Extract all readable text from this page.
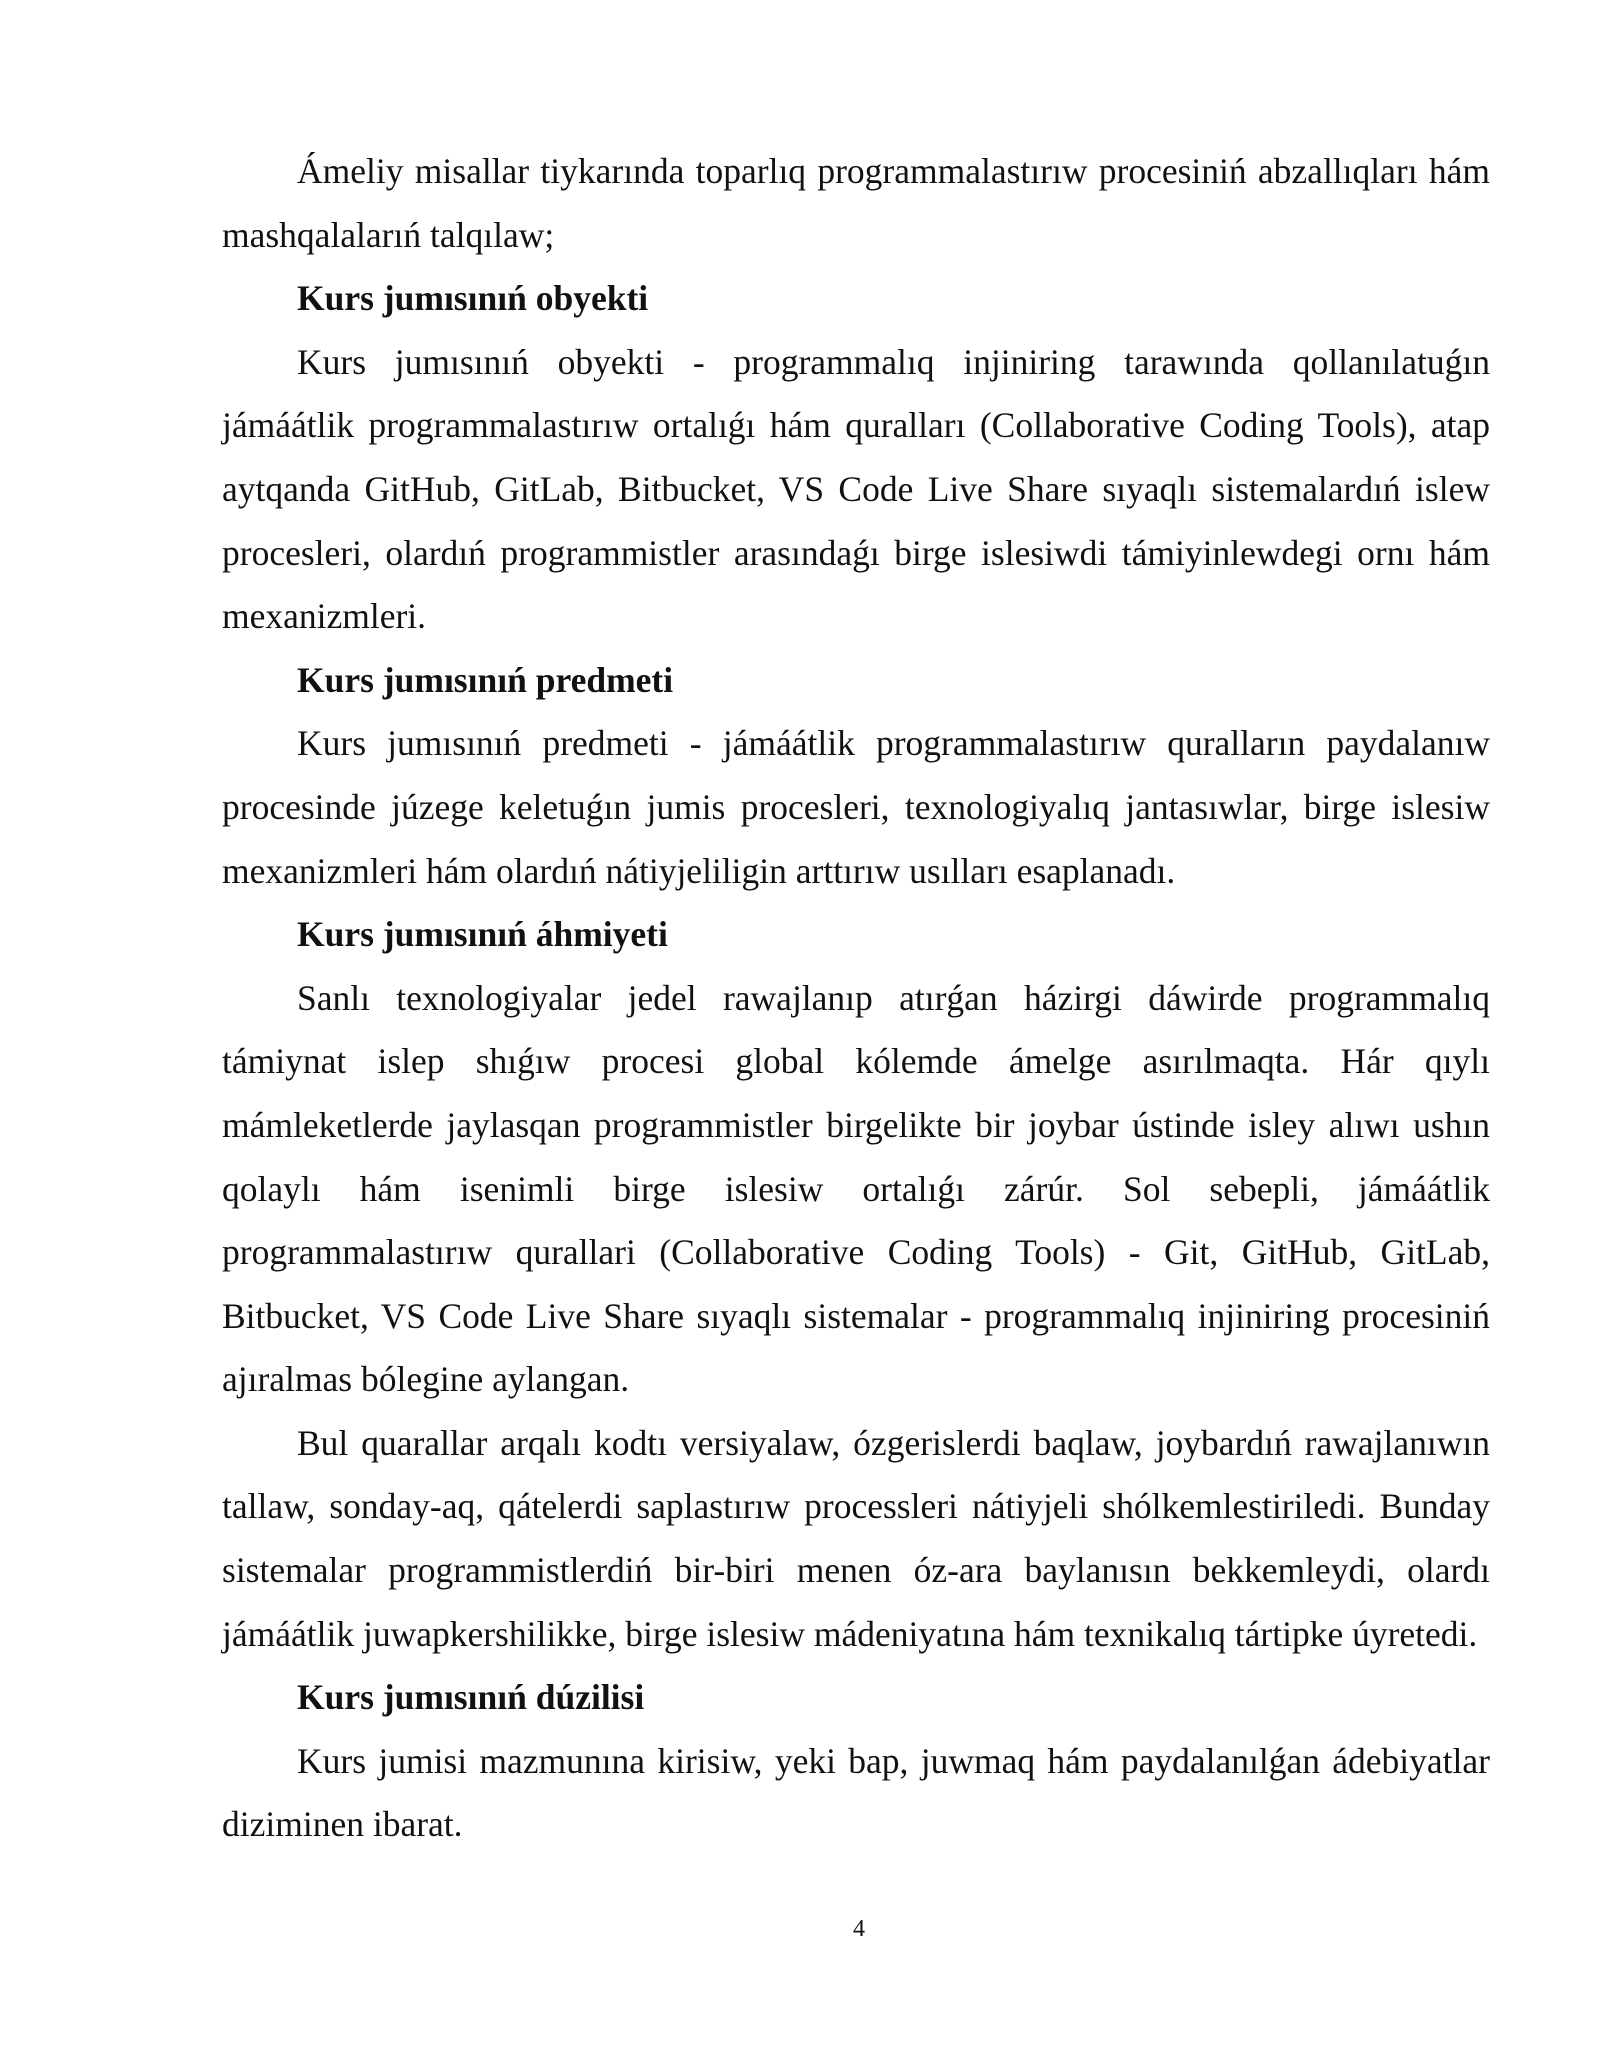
Ámeliy misallar tiykarında toparlıq programmalastırıw procesiniń abzallıqları hám mashqalalarıń talqılaw;

Kurs jumısınıń obyekti

Kurs jumısınıń obyekti - programmalıq injiniring tarawında qollanılatuǵın jámáátlik programmalastırıw ortalıǵı hám quralları (Collaborative Coding Tools), atap aytqanda GitHub, GitLab, Bitbucket, VS Code Live Share sıyaqlı sistemalardıń islew procesleri, olardıń programmistler arasındaǵı birge islesiwdi támiyinlewdegi ornı hám mexanizmleri.

Kurs jumısınıń predmeti

Kurs jumısınıń predmeti - jámáátlik programmalastırıw quralların paydalanıw procesinde júzege keletuǵın jumis procesleri, texnologiyalıq jantasıwlar, birge islesiw mexanizmleri hám olardıń nátiyjeliligin arttırıw usılları esaplanadı.

Kurs jumısınıń áhmiyeti

Sanlı texnologiyalar jedel rawajlanıp atırǵan házirgi dáwirde programmalıq támiynat islep shıǵıw procesi global kólemde ámelge asırılmaqta. Hár qıylı mámleketlerde jaylasqan programmistler birgelikte bir joybar ústinde isley alıwı ushın qolaylı hám isenimli birge islesiw ortalıǵı zárúr. Sol sebepli, jámáátlik programmalastırıw qurallari (Collaborative Coding Tools) - Git, GitHub, GitLab, Bitbucket, VS Code Live Share sıyaqlı sistemalar - programmalıq injiniring procesiniń ajıralmas bólegine aylangan.

Bul quarallar arqalı kodtı versiyalaw, ózgerislerdi baqlaw, joybardıń rawajlanıwın tallaw, sonday-aq, qátelerdi saplastırıw processleri nátiyjeli shólkemlestiriledi. Bunday sistemalar programmistlerdiń bir-biri menen óz-ara baylanısın bekkemleydi, olardı jámáátlik juwapkershilikke, birge islesiw mádeniyatına hám texnikalıq tártipke úyretedi.

Kurs jumısınıń dúzilisi

Kurs jumisi mazmunına kirisiw, yeki bap, juwmaq hám paydalanılǵan ádebiyatlar diziminen ibarat.

4
